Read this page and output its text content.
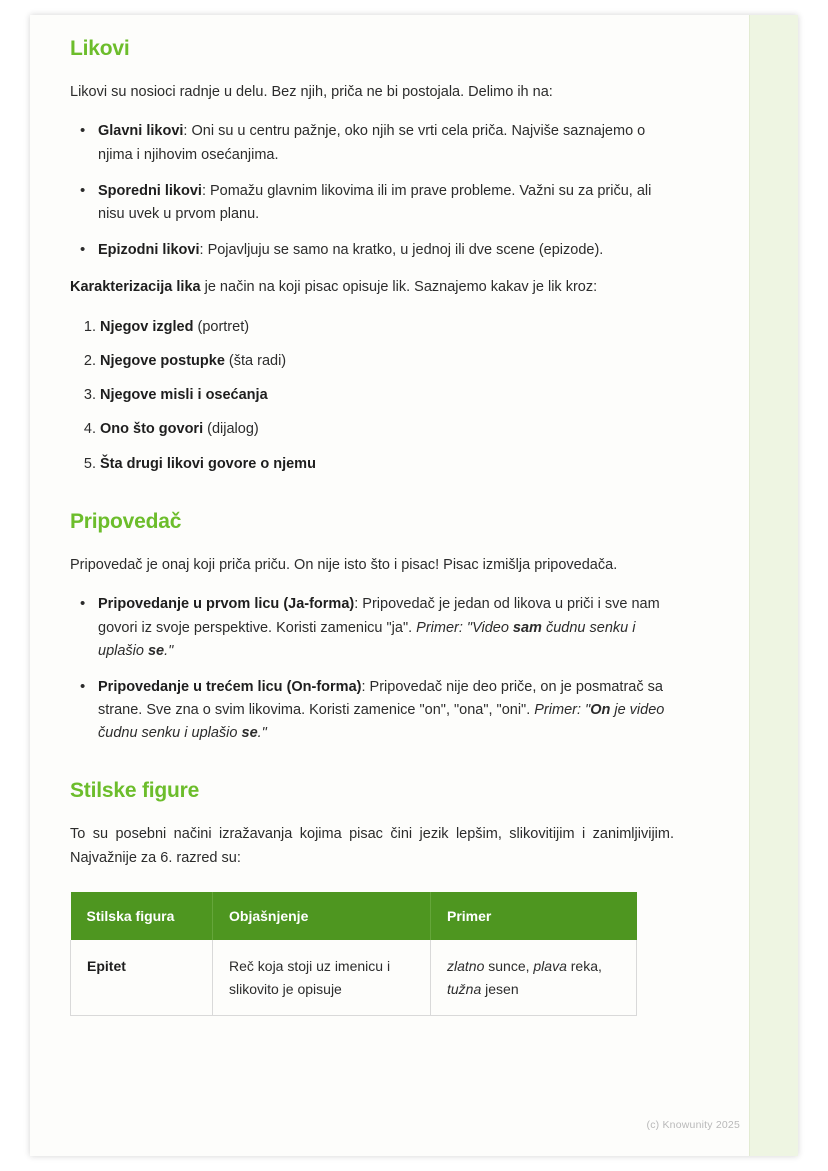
Likovi

Likovi su nosioci radnje u delu. Bez njih, priča ne bi postojala. Delimo ih na:

• Glavni likovi: Oni su u centru pažnje, oko njih se vrti cela priča. Najviše saznajemo o njima i njihovim osećanjima.
• Sporedni likovi: Pomažu glavnim likovima ili im prave probleme. Važni su za priču, ali nisu uvek u prvom planu.
• Epizodni likovi: Pojavljuju se samo na kratko, u jednoj ili dve scene (epizode).

Karakterizacija lika je način na koji pisac opisuje lik. Saznajemo kakav je lik kroz:

1. Njegov izgled (portret)
2. Njegove postupke (šta radi)
3. Njegove misli i osećanja
4. Ono što govori (dijalog)
5. Šta drugi likovi govore o njemu
Pripovedač

Pripovedač je onaj koji priča priču. On nije isto što i pisac! Pisac izmišlja pripovedača.

• Pripovedanje u prvom licu (Ja-forma): Pripovedač je jedan od likova u priči i sve nam govori iz svoje perspektive. Koristi zamenicu "ja". Primer: "Video sam čudnu senku i uplašio se."
• Pripovedanje u trećem licu (On-forma): Pripovedač nije deo priče, on je posmatrač sa strane. Sve zna o svim likovima. Koristi zamenice "on", "ona", "oni". Primer: "On je video čudnu senku i uplašio se."
Stilske figure

To su posebni načini izražavanja kojima pisac čini jezik lepšim, slikovitijim i zanimljivijim. Najvažnije za 6. razred su:

Stilska figura	Objašnjenje	Primer
Epitet	Reč koja stoji uz imenicu i slikovito je opisuje	zlatno sunce, plava reka, tužna jesen
(c) Knowunity 2025
